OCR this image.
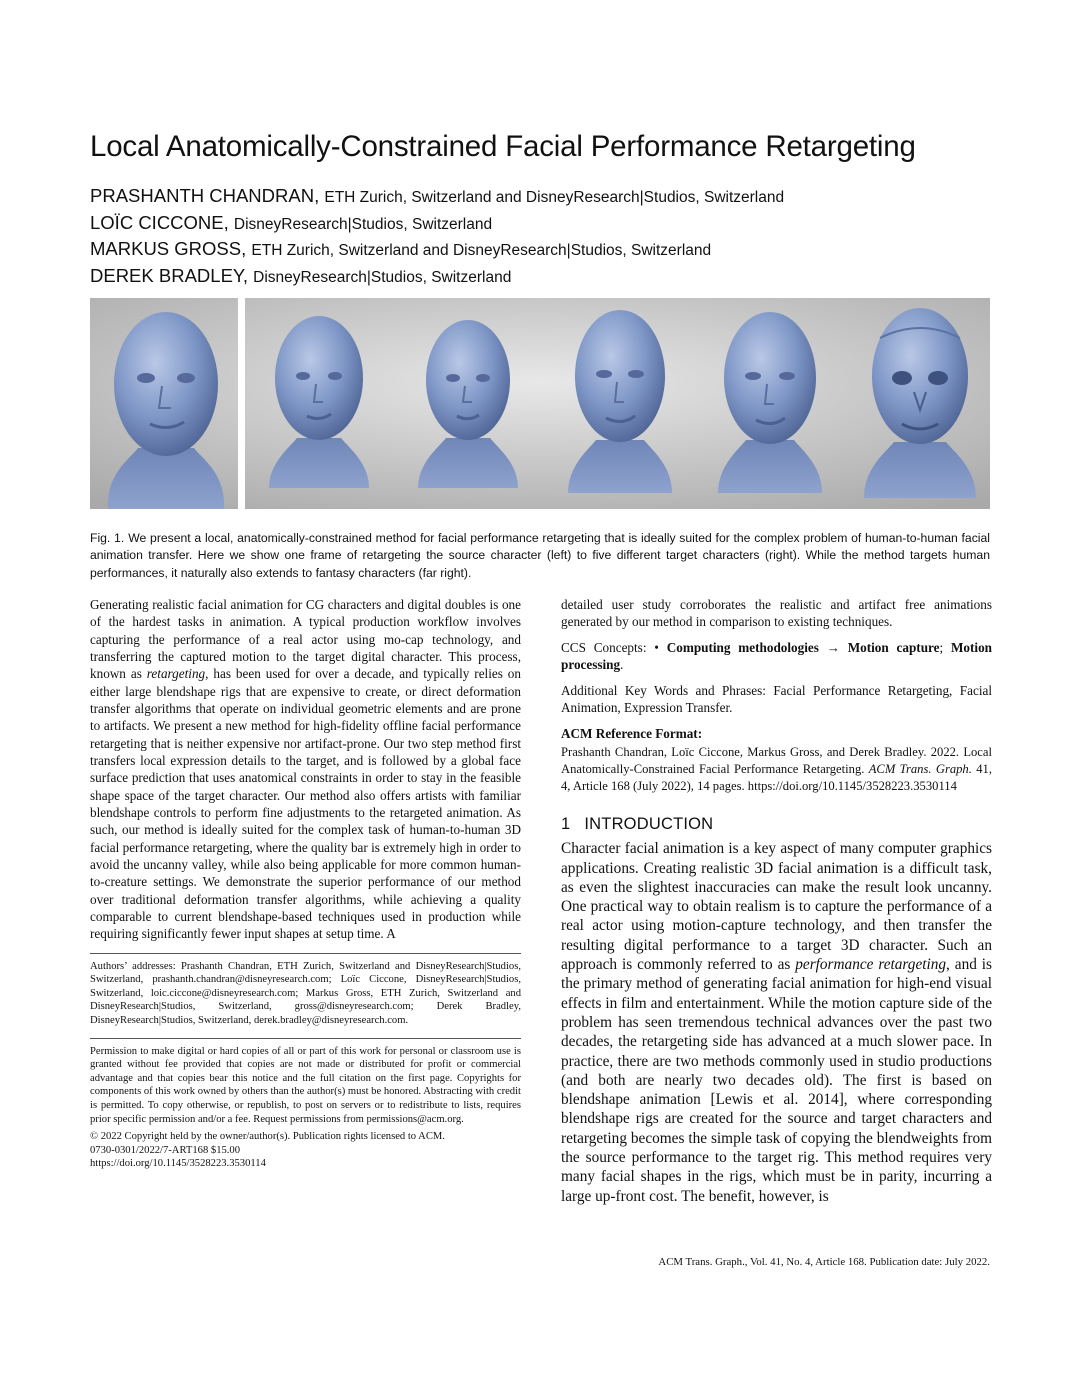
Local Anatomically-Constrained Facial Performance Retargeting
PRASHANTH CHANDRAN, ETH Zurich, Switzerland and DisneyResearch|Studios, Switzerland
LOÏC CICCONE, DisneyResearch|Studios, Switzerland
MARKUS GROSS, ETH Zurich, Switzerland and DisneyResearch|Studios, Switzerland
DEREK BRADLEY, DisneyResearch|Studios, Switzerland
Fig. 1. We present a local, anatomically-constrained method for facial performance retargeting that is ideally suited for the complex problem of human-to-human facial animation transfer. Here we show one frame of retargeting the source character (left) to five different target characters (right). While the method targets human performances, it naturally also extends to fantasy characters (far right).

Generating realistic facial animation for CG characters and digital doubles is one of the hardest tasks in animation. A typical production workflow involves capturing the performance of a real actor using mo-cap technology, and transferring the captured motion to the target digital character. This process, known as retargeting, has been used for over a decade, and typically relies on either large blendshape rigs that are expensive to create, or direct deformation transfer algorithms that operate on individual geometric elements and are prone to artifacts. We present a new method for high-fidelity offline facial performance retargeting that is neither expensive nor artifact-prone. Our two step method first transfers local expression details to the target, and is followed by a global face surface prediction that uses anatomical constraints in order to stay in the feasible shape space of the target character. Our method also offers artists with familiar blendshape controls to perform fine adjustments to the retargeted animation. As such, our method is ideally suited for the complex task of human-to-human 3D facial performance retargeting, where the quality bar is extremely high in order to avoid the uncanny valley, while also being applicable for more common human-to-creature settings. We demonstrate the superior performance of our method over traditional deformation transfer algorithms, while achieving a quality comparable to current blendshape-based techniques used in production while requiring significantly fewer input shapes at setup time. A

Authors’ addresses: Prashanth Chandran, ETH Zurich, Switzerland and DisneyResearch|Studios, Switzerland, prashanth.chandran@disneyresearch.com; Loïc Ciccone, DisneyResearch|Studios, Switzerland, loic.ciccone@disneyresearch.com; Markus Gross, ETH Zurich, Switzerland and DisneyResearch|Studios, Switzerland, gross@disneyresearch.com; Derek Bradley, DisneyResearch|Studios, Switzerland, derek.bradley@disneyresearch.com.

Permission to make digital or hard copies of all or part of this work for personal or classroom use is granted without fee provided that copies are not made or distributed for profit or commercial advantage and that copies bear this notice and the full citation on the first page. Copyrights for components of this work owned by others than the author(s) must be honored. Abstracting with credit is permitted. To copy otherwise, or republish, to post on servers or to redistribute to lists, requires prior specific permission and/or a fee. Request permissions from permissions@acm.org.

© 2022 Copyright held by the owner/author(s). Publication rights licensed to ACM.

0730-0301/2022/7-ART168 $15.00

https://doi.org/10.1145/3528223.3530114

detailed user study corroborates the realistic and artifact free animations generated by our method in comparison to existing techniques.

CCS Concepts: • Computing methodologies → Motion capture; Motion processing.

Additional Key Words and Phrases: Facial Performance Retargeting, Facial Animation, Expression Transfer.

ACM Reference Format:

Prashanth Chandran, Loïc Ciccone, Markus Gross, and Derek Bradley. 2022. Local Anatomically-Constrained Facial Performance Retargeting. ACM Trans. Graph. 41, 4, Article 168 (July 2022), 14 pages. https://doi.org/10.1145/3528223.3530114

1 INTRODUCTION

Character facial animation is a key aspect of many computer graphics applications. Creating realistic 3D facial animation is a difficult task, as even the slightest inaccuracies can make the result look uncanny. One practical way to obtain realism is to capture the performance of a real actor using motion-capture technology, and then transfer the resulting digital performance to a target 3D character. Such an approach is commonly referred to as performance retargeting, and is the primary method of generating facial animation for high-end visual effects in film and entertainment. While the motion capture side of the problem has seen tremendous technical advances over the past two decades, the retargeting side has advanced at a much slower pace. In practice, there are two methods commonly used in studio productions (and both are nearly two decades old). The first is based on blendshape animation [Lewis et al. 2014], where corresponding blendshape rigs are created for the source and target characters and retargeting becomes the simple task of copying the blendweights from the source performance to the target rig. This method requires very many facial shapes in the rigs, which must be in parity, incurring a large up-front cost. The benefit, however, is

ACM Trans. Graph., Vol. 41, No. 4, Article 168. Publication date: July 2022.
